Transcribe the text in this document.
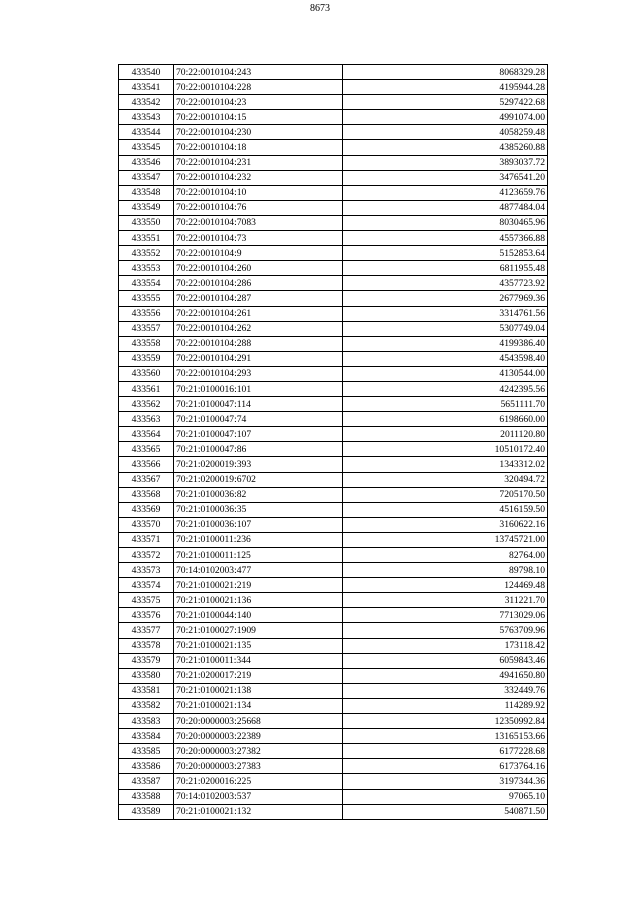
8673
433540	70:22:0010104:243	8068329.28
433541	70:22:0010104:228	4195944.28
433542	70:22:0010104:23	5297422.68
433543	70:22:0010104:15	4991074.00
433544	70:22:0010104:230	4058259.48
433545	70:22:0010104:18	4385260.88
433546	70:22:0010104:231	3893037.72
433547	70:22:0010104:232	3476541.20
433548	70:22:0010104:10	4123659.76
433549	70:22:0010104:76	4877484.04
433550	70:22:0010104:7083	8030465.96
433551	70:22:0010104:73	4557366.88
433552	70:22:0010104:9	5152853.64
433553	70:22:0010104:260	6811955.48
433554	70:22:0010104:286	4357723.92
433555	70:22:0010104:287	2677969.36
433556	70:22:0010104:261	3314761.56
433557	70:22:0010104:262	5307749.04
433558	70:22:0010104:288	4199386.40
433559	70:22:0010104:291	4543598.40
433560	70:22:0010104:293	4130544.00
433561	70:21:0100016:101	4242395.56
433562	70:21:0100047:114	5651111.70
433563	70:21:0100047:74	6198660.00
433564	70:21:0100047:107	2011120.80
433565	70:21:0100047:86	10510172.40
433566	70:21:0200019:393	1343312.02
433567	70:21:0200019:6702	320494.72
433568	70:21:0100036:82	7205170.50
433569	70:21:0100036:35	4516159.50
433570	70:21:0100036:107	3160622.16
433571	70:21:0100011:236	13745721.00
433572	70:21:0100011:125	82764.00
433573	70:14:0102003:477	89798.10
433574	70:21:0100021:219	124469.48
433575	70:21:0100021:136	311221.70
433576	70:21:0100044:140	7713029.06
433577	70:21:0100027:1909	5763709.96
433578	70:21:0100021:135	173118.42
433579	70:21:0100011:344	6059843.46
433580	70:21:0200017:219	4941650.80
433581	70:21:0100021:138	332449.76
433582	70:21:0100021:134	114289.92
433583	70:20:0000003:25668	12350992.84
433584	70:20:0000003:22389	13165153.66
433585	70:20:0000003:27382	6177228.68
433586	70:20:0000003:27383	6173764.16
433587	70:21:0200016:225	3197344.36
433588	70:14:0102003:537	97065.10
433589	70:21:0100021:132	540871.50
